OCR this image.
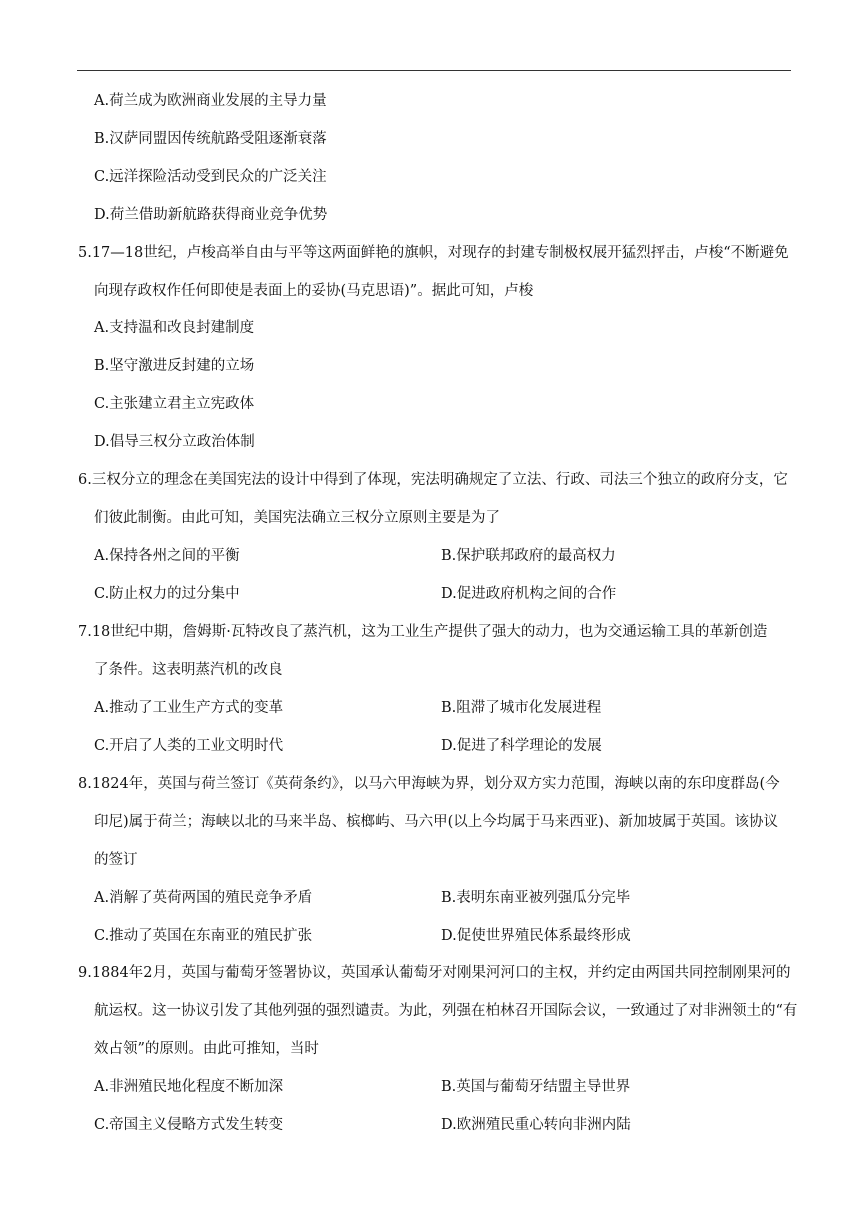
A.荷兰成为欧洲商业发展的主导力量
B.汉萨同盟因传统航路受阻逐渐衰落
C.远洋探险活动受到民众的广泛关注
D.荷兰借助新航路获得商业竞争优势
5.17—18世纪，卢梭高举自由与平等这两面鲜艳的旗帜，对现存的封建专制极权展开猛烈抨击，卢梭“不断避免
向现存政权作任何即使是表面上的妥协(马克思语)”。据此可知，卢梭
A.支持温和改良封建制度
B.坚守激进反封建的立场
C.主张建立君主立宪政体
D.倡导三权分立政治体制
6.三权分立的理念在美国宪法的设计中得到了体现，宪法明确规定了立法、行政、司法三个独立的政府分支，它
们彼此制衡。由此可知，美国宪法确立三权分立原则主要是为了
A.保持各州之间的平衡	B.保护联邦政府的最高权力
C.防止权力的过分集中	D.促进政府机构之间的合作
7.18世纪中期，詹姆斯·瓦特改良了蒸汽机，这为工业生产提供了强大的动力，也为交通运输工具的革新创造
了条件。这表明蒸汽机的改良
A.推动了工业生产方式的变革	B.阻滞了城市化发展进程
C.开启了人类的工业文明时代	D.促进了科学理论的发展
8.1824年，英国与荷兰签订《英荷条约》，以马六甲海峡为界，划分双方实力范围，海峡以南的东印度群岛(今
印尼)属于荷兰；海峡以北的马来半岛、槟榔屿、马六甲(以上今均属于马来西亚)、新加坡属于英国。该协议
的签订
A.消解了英荷两国的殖民竞争矛盾	B.表明东南亚被列强瓜分完毕
C.推动了英国在东南亚的殖民扩张	D.促使世界殖民体系最终形成
9.1884年2月，英国与葡萄牙签署协议，英国承认葡萄牙对刚果河河口的主权，并约定由两国共同控制刚果河的
航运权。这一协议引发了其他列强的强烈谴责。为此，列强在柏林召开国际会议，一致通过了对非洲领土的“有
效占领”的原则。由此可推知，当时
A.非洲殖民地化程度不断加深	B.英国与葡萄牙结盟主导世界
C.帝国主义侵略方式发生转变	D.欧洲殖民重心转向非洲内陆
